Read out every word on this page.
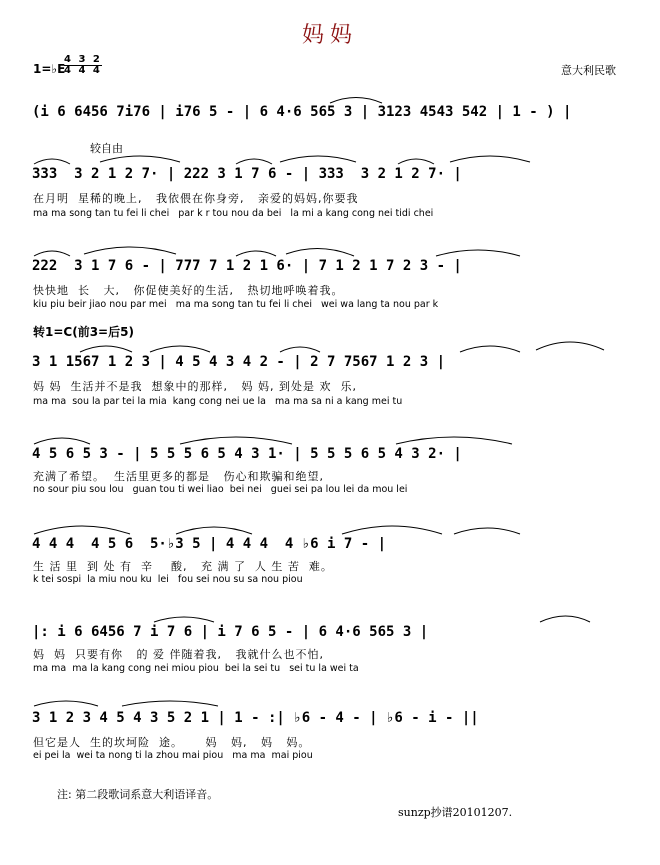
妈妈
1=♭E
4 3 2
4 4 4	意大利民歌
较自由
转1=C(前3=后5)
(i 6 6456 7i76 | i76 5 - | 6 4·6 565 3 | 3123 4543 542 | 1 - ) |
333  3 2 1 2 7· | 222 3 1 7 6 - | 333  3 2 1 2 7· |
在月明  星稀的晚上,   我依偎在你身旁,   亲爱的妈妈,你要我
ma ma song tan tu fei li chei   par k r tou nou da bei   la mi a kang cong nei tidi chei
222  3 1 7 6 - | 777 7 1 2 1 6· | 7 1 2 1 7 2 3 - |
快快地  长   大,   你促使美好的生活,   热切地呼唤着我。
kiu piu beir jiao nou par mei   ma ma song tan tu fei li chei   wei wa lang ta nou par k
3 1 1567 1 2 3 | 4 5 4 3 4 2 - | 2 7 7567 1 2 3 |
妈 妈  生活并不是我  想象中的那样,   妈 妈, 到处是 欢  乐,
ma ma  sou la par tei la mia  kang cong nei ue la   ma ma sa ni a kang mei tu
4 5 6 5 3 - | 5 5 5 6 5 4 3 1· | 5 5 5 6 5 4 3 2· |
充满了希望。  生活里更多的都是   伤心和欺骗和绝望,
no sour piu sou lou   guan tou ti wei liao  bei nei   guei sei pa lou lei da mou lei
4 4 4  4 5 6  5·♭3 5 | 4 4 4  4 ♭6 i 7 - |
生 活 里  到 处 有  辛    酸,   充 满 了  人 生 苦  难。
k tei sospi  la miu nou ku  lei   fou sei nou su sa nou piou
|: i 6 6456 7 i 7 6 | i 7 6 5 - | 6 4·6 565 3 |
妈  妈  只要有你   的 爱 伴随着我,   我就什么也不怕,
ma ma  ma la kang cong nei miou piou  bei la sei tu   sei tu la wei ta
3 1 2 3 4 5 4 3 5 2 1 | 1 - :| ♭6 - 4 - | ♭6 - i - ||
但它是人  生的坎坷险  途。     妈   妈,   妈   妈。
ei pei la  wei ta nong ti la zhou mai piou   ma ma  mai piou
注: 第二段歌词系意大利语译音。
sunzp抄谱20101207.
